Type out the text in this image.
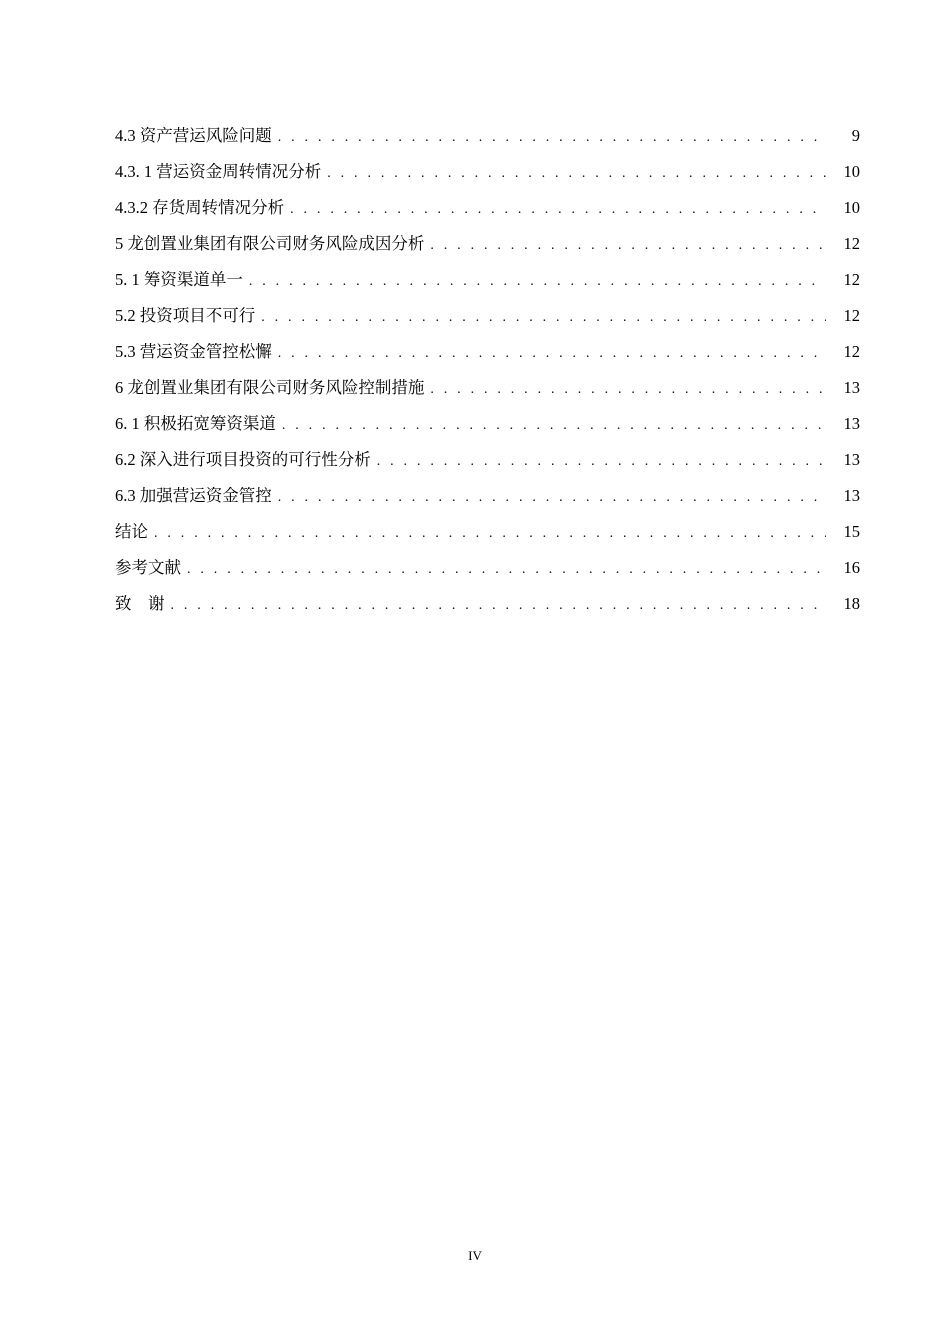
4.3 资产营运风险问题 . . .	9
4.3. 1 营运资金周转情况分析 . . .	10
4.3.2 存货周转情况分析 . . .	10
5 龙创置业集团有限公司财务风险成因分析 . . .	12
5. 1 筹资渠道单一 . . .	12
5.2 投资项目不可行 . . .	12
5.3 营运资金管控松懈 . . .	12
6 龙创置业集团有限公司财务风险控制措施 . . .	13
6. 1 积极拓宽筹资渠道 . . .	13
6.2 深入进行项目投资的可行性分析 . . .	13
6.3 加强营运资金管控 . . .	13
结论 . . .	15
参考文献 . . .	16
致    谢 . . .	18
IV
